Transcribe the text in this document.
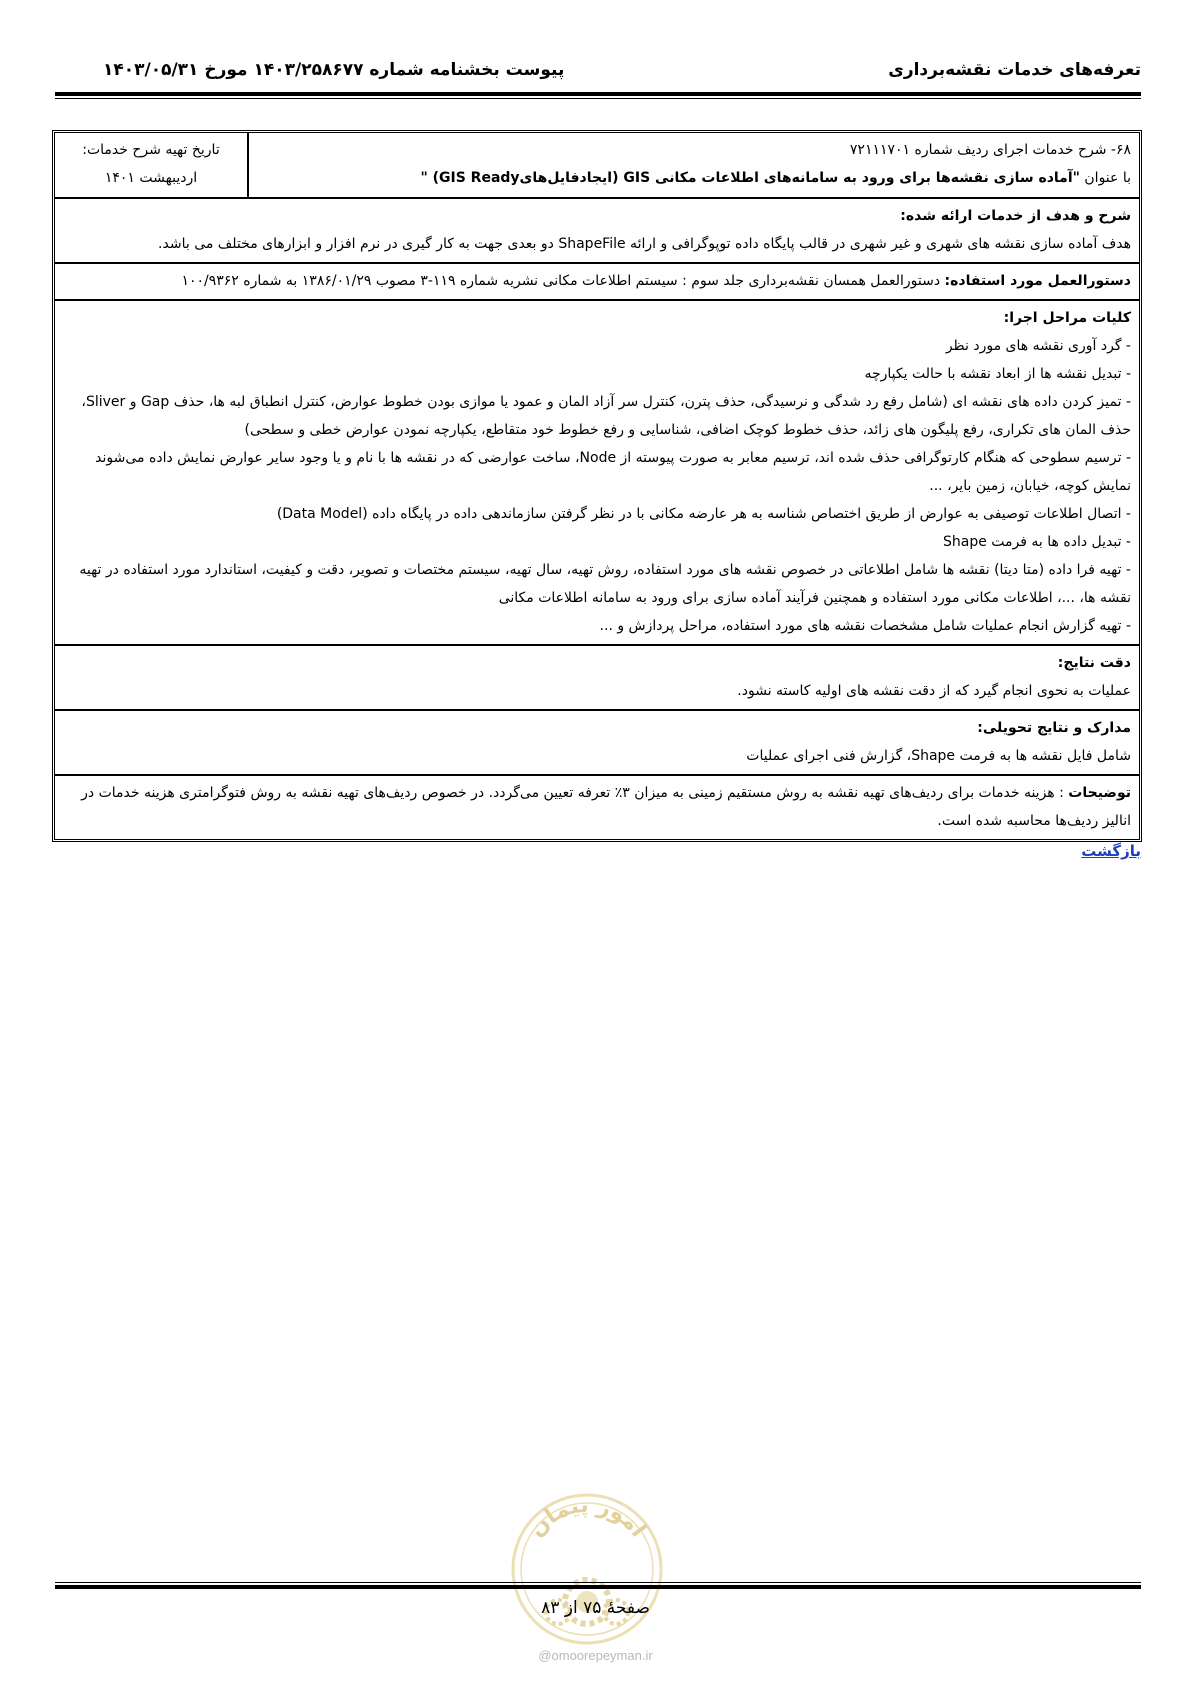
تعرفه‌های خدمات نقشه‌برداری
پیوست بخشنامه شماره ۱۴۰۳/۲۵۸۶۷۷ مورخ ۱۴۰۳/۰۵/۳۱
۶۸- شرح خدمات اجرای ردیف شماره ۷۲۱۱۱۷۰۱
با عنوان "آماده سازی نقشه‌ها برای ورود به سامانه‌های اطلاعات مکانی GIS (ایجادفایل‌هایGIS Ready) "
تاریخ تهیه شرح خدمات:
اردیبهشت ۱۴۰۱
شرح و هدف از خدمات ارائه شده:
هدف آماده سازی نقشه های شهری و غیر شهری در قالب پایگاه داده توپوگرافی و ارائه ShapeFile دو بعدی جهت به کار گیری در نرم افزار و ابزارهای مختلف می باشد.
دستورالعمل مورد استفاده: دستورالعمل همسان نقشه‌برداری جلد سوم : سیستم اطلاعات مکانی نشریه شماره ۱۱۹-۳ مصوب ۱۳۸۶/۰۱/۲۹ به شماره ۱۰۰/۹۳۶۲
کلیات مراحل اجرا:
- گرد آوری نقشه های مورد نظر
- تبدیل نقشه ها از ابعاد نقشه با حالت یکپارچه
- تمیز کردن داده های نقشه ای (شامل رفع رد شدگی و نرسیدگی، حذف پترن، کنترل سر آزاد المان و عمود یا موازی بودن خطوط عوارض، کنترل انطباق لبه ها، حذف Gap و Sliver، حذف المان های تکراری، رفع پلیگون های زائد، حذف خطوط کوچک اضافی، شناسایی و رفع خطوط خود متقاطع، یکپارچه نمودن عوارض خطی و سطحی)
- ترسیم سطوحی که هنگام کارتوگرافی حذف شده اند، ترسیم معابر به صورت پیوسته از Node، ساخت عوارضی که در نقشه ها با نام و یا وجود سایر عوارض نمایش داده می‌شوند نمایش کوچه، خیابان، زمین بایر، ...
- اتصال اطلاعات توصیفی به عوارض از طریق اختصاص شناسه به هر عارضه مکانی با در نظر گرفتن سازماندهی داده در پایگاه داده (Data Model)
- تبدیل داده ها به فرمت Shape
- تهیه فرا داده (متا دیتا) نقشه ها شامل اطلاعاتی در خصوص نقشه های مورد استفاده، روش تهیه، سال تهیه، سیستم مختصات و تصویر، دقت و کیفیت، استاندارد مورد استفاده در تهیه نقشه ها، ...، اطلاعات مکانی مورد استفاده و همچنین فرآیند آماده سازی برای ورود به سامانه اطلاعات مکانی
- تهیه گزارش انجام عملیات شامل مشخصات نقشه های مورد استفاده، مراحل پردازش و ...
دقت نتایج:
عملیات به نحوی انجام گیرد که از دقت نقشه های اولیه کاسته نشود.
مدارک و نتایج تحویلی:
شامل فایل نقشه ها به فرمت Shape، گزارش فنی اجرای عملیات
توضیحات : هزینه خدمات برای ردیف‌های تهیه نقشه به روش مستقیم زمینی به میزان ۳٪ تعرفه تعیین می‌گردد. در خصوص ردیف‌های تهیه نقشه به روش فتوگرامتری هزینه خدمات در انالیز ردیف‌ها محاسبه شده است.
بازگشت
امور پیمان
صفحهٔ ۷۵ از ۸۳
@omoorepeyman.ir
